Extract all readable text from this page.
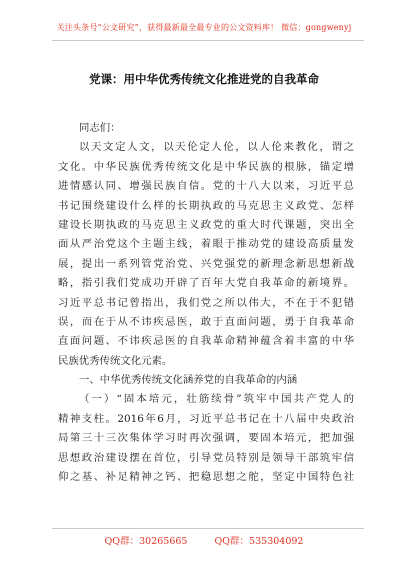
关注头条号“公文研究”，获得最新最全最专业的公文资料库！ 微信：gongwenyj
党课：用中华优秀传统文化推进党的自我革命
同志们：
以天文定人文，以天伦定人伦，以人伦来教化，谓之
文化。中华民族优秀传统文化是中华民族的根脉，锚定增
进情感认同、增强民族自信。党的十八大以来，习近平总
书记围绕建设什么样的长期执政的马克思主义政党、怎样
建设长期执政的马克思主义政党的重大时代课题，突出全
面从严治党这个主题主线，着眼于推动党的建设高质量发
展，提出一系列管党治党、兴党强党的新理念新思想新战
略，指引我们党成功开辟了百年大党自我革命的新境界。
习近平总书记曾指出，我们党之所以伟大，不在于不犯错
误，而在于从不讳疾忌医，敢于直面问题，勇于自我革命
直面问题、不讳疾忌医的自我革命精神蕴含着丰富的中华
民族优秀传统文化元素。
一、中华优秀传统文化涵养党的自我革命的内涵
（一）“固本培元，壮筋续骨”筑牢中国共产党人的
精神支柱。2016年6月，习近平总书记在十八届中央政治
局第三十三次集体学习时再次强调，要固本培元，把加强
思想政治建设摆在首位，引导党员特别是领导干部筑牢信
仰之基、补足精神之钙、把稳思想之舵，坚定中国特色社
QQ群：30265665	QQ群：535304092
